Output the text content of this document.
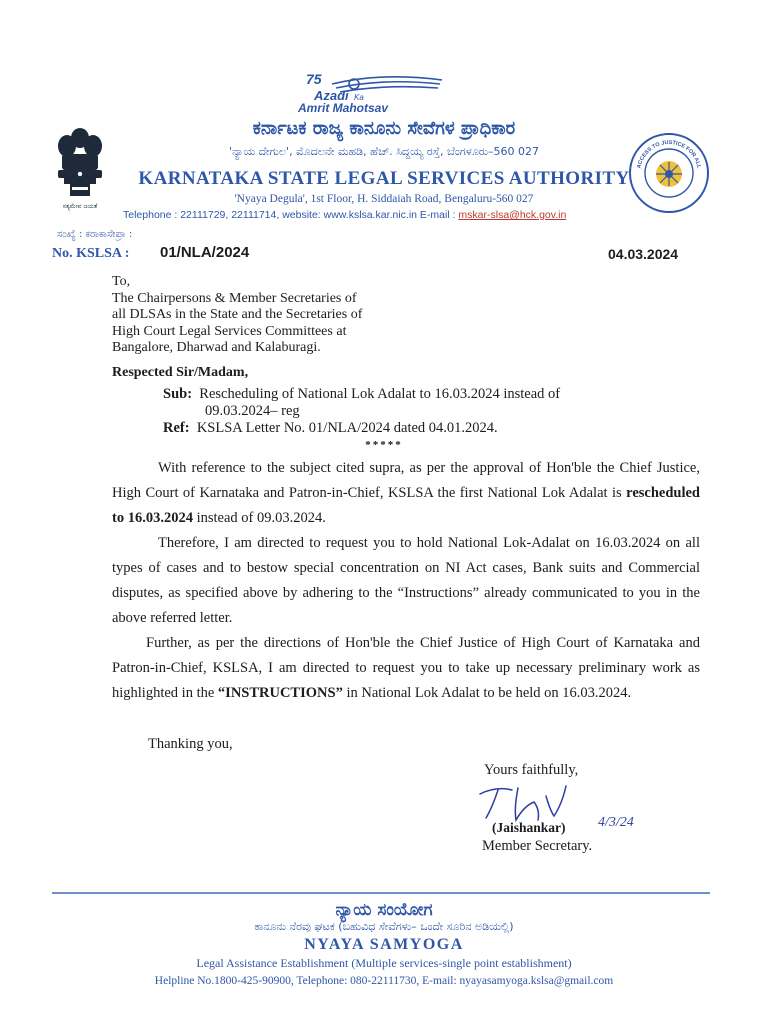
75
Azadi Ka
Amrit Mahotsav
ಸತ್ಯಮೇವ ಜಯತೆ
ACCESS TO JUSTICE FOR ALL
ಕರ್ನಾಟಕ ರಾಜ್ಯ ಕಾನೂನು ಸೇವೆಗಳ ಪ್ರಾಧಿಕಾರ
'ನ್ಯಾಯ ದೇಗುಲ', ಮೊದಲನೇ ಮಹಡಿ, ಹೆಚ್. ಸಿದ್ದಯ್ಯ ರಸ್ತೆ, ಬೆಂಗಳೂರು–560 027
KARNATAKA STATE LEGAL SERVICES AUTHORITY
'Nyaya Degula', 1st Floor, H. Siddaiah Road, Bengaluru-560 027
Telephone : 22111729, 22111714, website: www.kslsa.kar.nic.in E-mail : mskar-slsa@hck.gov.in
ಸಂಖ್ಯೆ : ಕರಾಕಾಸೇಪ್ರಾ :
No. KSLSA : 01/NLA/2024	04.03.2024
To,
The Chairpersons & Member Secretaries of
all DLSAs in the State and the Secretaries of
High Court Legal Services Committees at
Bangalore, Dharwad and Kalaburagi.
Respected Sir/Madam,
Sub: Rescheduling of National Lok Adalat to 16.03.2024 instead of
09.03.2024– reg
Ref: KSLSA Letter No. 01/NLA/2024 dated 04.01.2024.
*****
With reference to the subject cited supra, as per the approval of Hon'ble the Chief Justice, High Court of Karnataka and Patron-in-Chief, KSLSA the first National Lok Adalat is rescheduled to 16.03.2024 instead of 09.03.2024.
Therefore, I am directed to request you to hold National Lok-Adalat on 16.03.2024 on all types of cases and to bestow special concentration on NI Act cases, Bank suits and Commercial disputes, as specified above by adhering to the “Instructions” already communicated to you in the above referred letter.
Further, as per the directions of Hon'ble the Chief Justice of High Court of Karnataka and Patron-in-Chief, KSLSA, I am directed to request you to take up necessary preliminary work as highlighted in the “INSTRUCTIONS” in National Lok Adalat to be held on 16.03.2024.
Thanking you,
Yours faithfully,
4/3/24
(Jaishankar)
Member Secretary.
ನ್ಯಾಯ ಸಂಯೋಗ
ಕಾನೂನು ನೆರವು ಘಟಕ (ಬಹುವಿಧ ಸೇವೆಗಳು– ಒಂದೇ ಸೂರಿನ ಅಡಿಯಲ್ಲಿ)
NYAYA SAMYOGA
Legal Assistance Establishment (Multiple services-single point establishment)
Helpline No.1800-425-90900, Telephone: 080-22111730, E-mail: nyayasamyoga.kslsa@gmail.com
